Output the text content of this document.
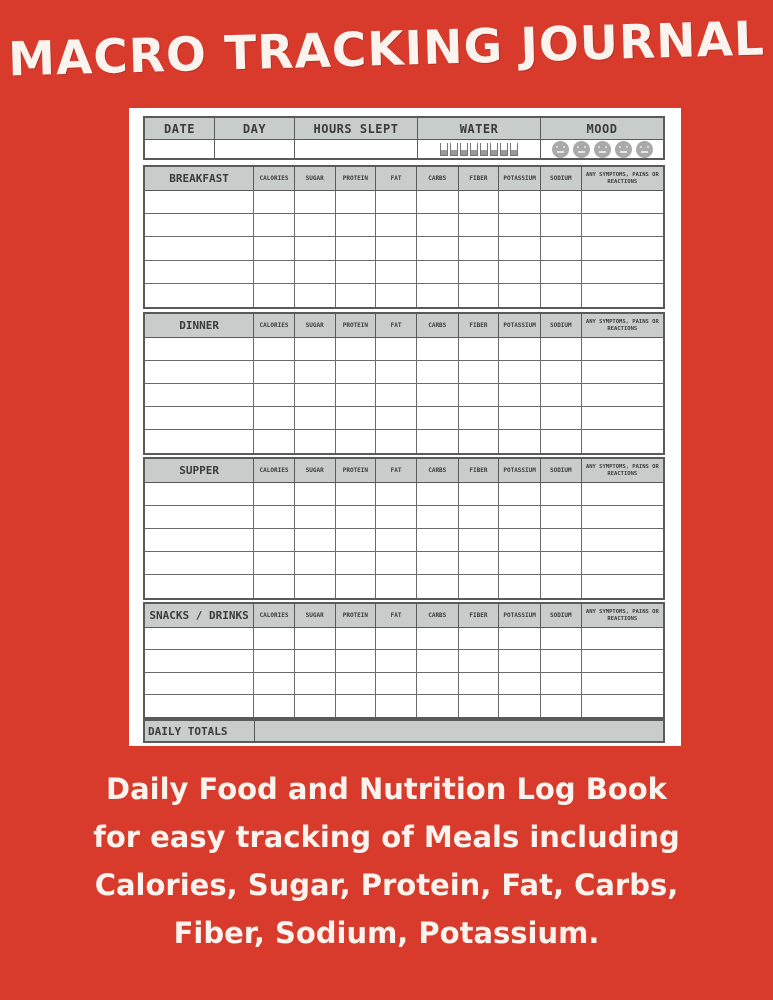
MACRO TRACKING JOURNAL
DATE	DAY	HOURS SLEPT	WATER	MOOD
BREAKFAST	CALORIES	SUGAR	PROTEIN	FAT	CARBS	FIBER	POTASSIUM	SODIUM	ANY SYMPTOMS, PAINS OR REACTIONS
DINNER	CALORIES	SUGAR	PROTEIN	FAT	CARBS	FIBER	POTASSIUM	SODIUM	ANY SYMPTOMS, PAINS OR REACTIONS
SUPPER	CALORIES	SUGAR	PROTEIN	FAT	CARBS	FIBER	POTASSIUM	SODIUM	ANY SYMPTOMS, PAINS OR REACTIONS
SNACKS / DRINKS	CALORIES	SUGAR	PROTEIN	FAT	CARBS	FIBER	POTASSIUM	SODIUM	ANY SYMPTOMS, PAINS OR REACTIONS
DAILY TOTALS
Daily Food and Nutrition Log Book
for easy tracking of Meals including
Calories, Sugar, Protein, Fat, Carbs,
Fiber, Sodium, Potassium.
